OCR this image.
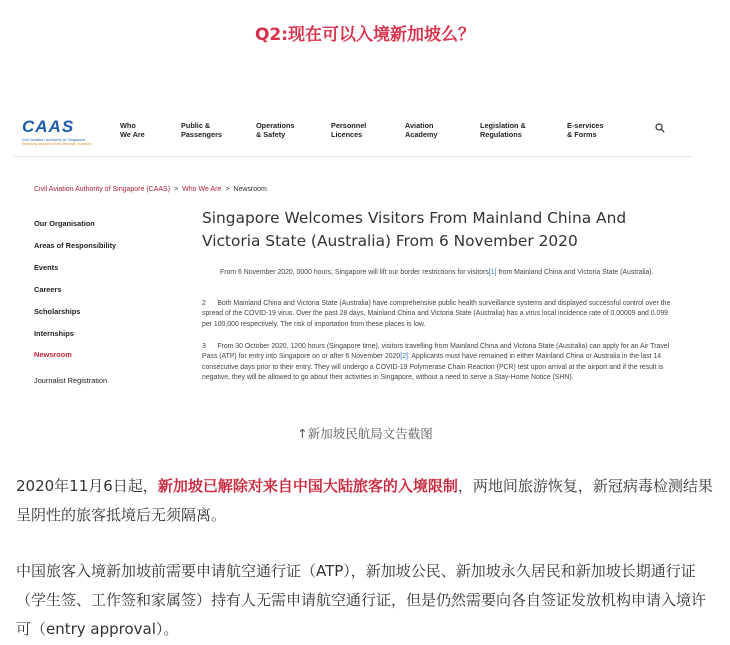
Q2:现在可以入境新加坡么？
CAAS
Civil Aviation Authority of Singapore
Enabling opportunities through aviation
Who
We Are
Public &
Passengers
Operations
& Safety
Personnel
Licences
Aviation
Academy
Legislation &
Regulations
E-services
& Forms
Civil Aviation Authority of Singapore (CAAS) > Who We Are > Newsroom
Our Organisation
Areas of Responsibility
Events
Careers
Scholarships
Internships
Newsroom
Journalist Registration
Singapore Welcomes Visitors From Mainland China And
Victoria State (Australia) From 6 November 2020
From 6 November 2020, 0000 hours, Singapore will lift our border restrictions for visitors[1] from Mainland China and Victoria State (Australia).
2      Both Mainland China and Victoria State (Australia) have comprehensive public health surveillance systems and displayed successful control over the spread of the COVID-19 virus. Over the past 28 days, Mainland China and Victoria State (Australia) has a virus local incidence rate of 0.00009 and 0.099 per 100,000 respectively. The risk of importation from these places is low.
3      From 30 October 2020, 1200 hours (Singapore time), visitors travelling from Mainland China and Victoria State (Australia) can apply for an Air Travel Pass (ATP) for entry into Singapore on or after 6 November 2020[2]. Applicants must have remained in either Mainland China or Australia in the last 14 consecutive days prior to their entry. They will undergo a COVID-19 Polymerase Chain Reaction (PCR) test upon arrival at the airport and if the result is negative, they will be allowed to go about their activities in Singapore, without a need to serve a Stay-Home Notice (SHN).
↑新加坡民航局文告截图
2020年11月6日起，新加坡已解除对来自中国大陆旅客的入境限制，两地间旅游恢复，新冠病毒检测结果呈阴性的旅客抵境后无须隔离。
中国旅客入境新加坡前需要申请航空通行证（ATP），新加坡公民、新加坡永久居民和新加坡长期通行证（学生签、工作签和家属签）持有人无需申请航空通行证，但是仍然需要向各自签证发放机构申请入境许可（entry approval）。
